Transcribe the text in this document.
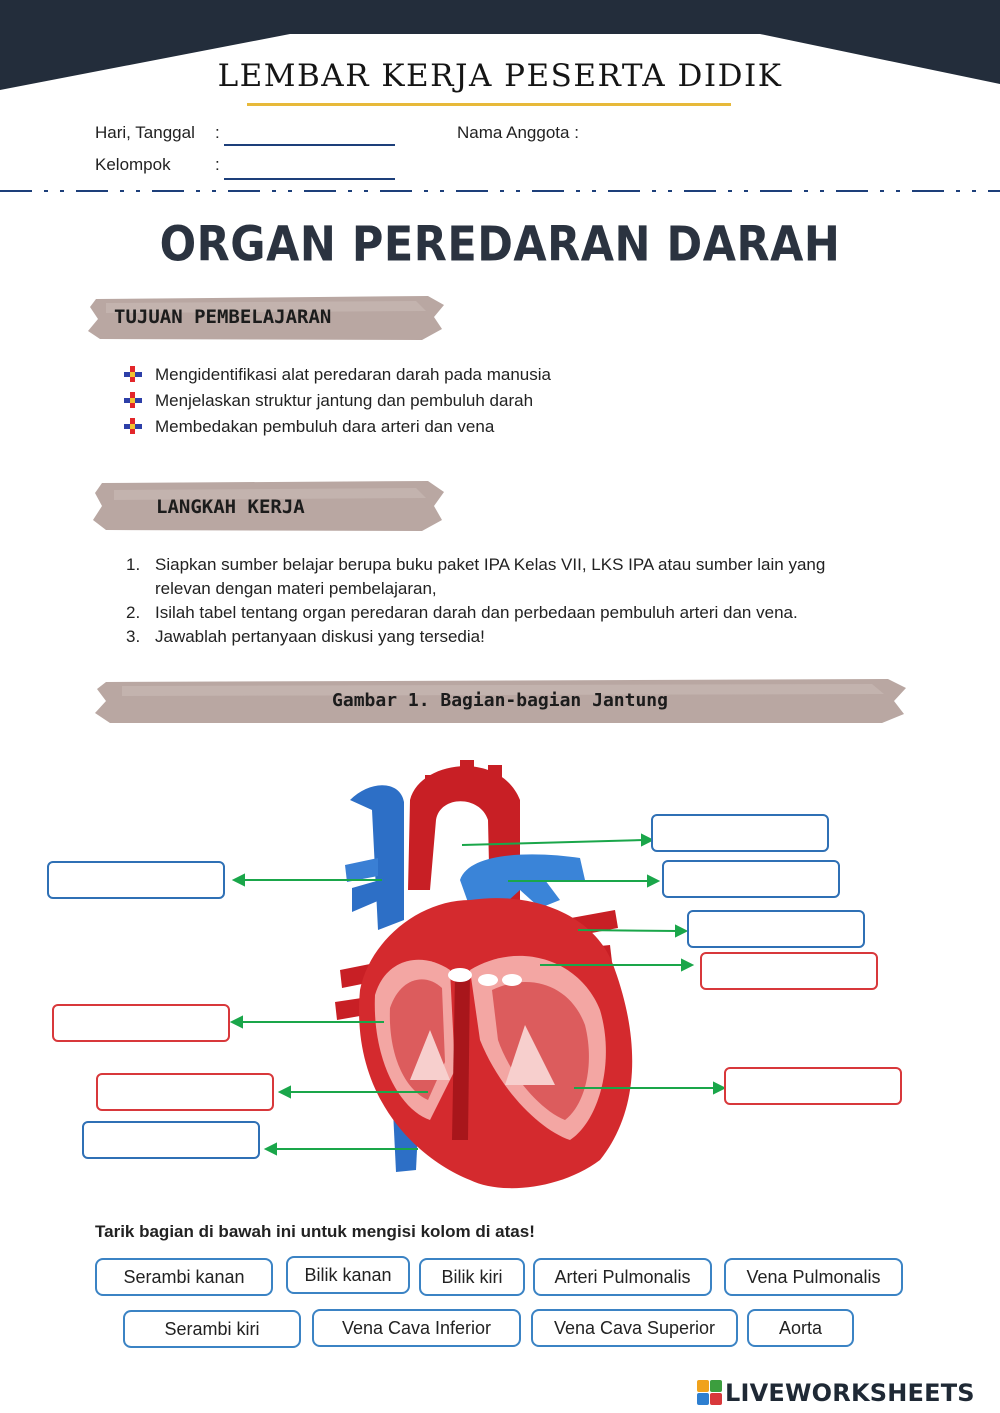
LEMBAR KERJA PESERTA DIDIK
Hari, Tanggal :	Nama Anggota :
Kelompok	:
ORGAN PEREDARAN DARAH
TUJUAN PEMBELAJARAN
Mengidentifikasi alat peredaran darah pada manusia
Menjelaskan struktur jantung dan pembuluh darah
Membedakan pembuluh dara arteri dan vena
LANGKAH KERJA
1. Siapkan sumber belajar berupa buku paket IPA Kelas VII, LKS IPA atau sumber lain yang
relevan dengan materi pembelajaran,
2. Isilah tabel tentang organ peredaran darah dan perbedaan pembuluh arteri dan vena.
3. Jawablah pertanyaan diskusi yang tersedia!
Gambar 1. Bagian-bagian Jantung
Tarik bagian di bawah ini untuk mengisi kolom di atas!
Serambi kanan	Bilik kanan	Bilik kiri	Arteri Pulmonalis	Vena Pulmonalis
Serambi kiri	Vena Cava Inferior	Vena Cava Superior	Aorta
LIVEWORKSHEETS
